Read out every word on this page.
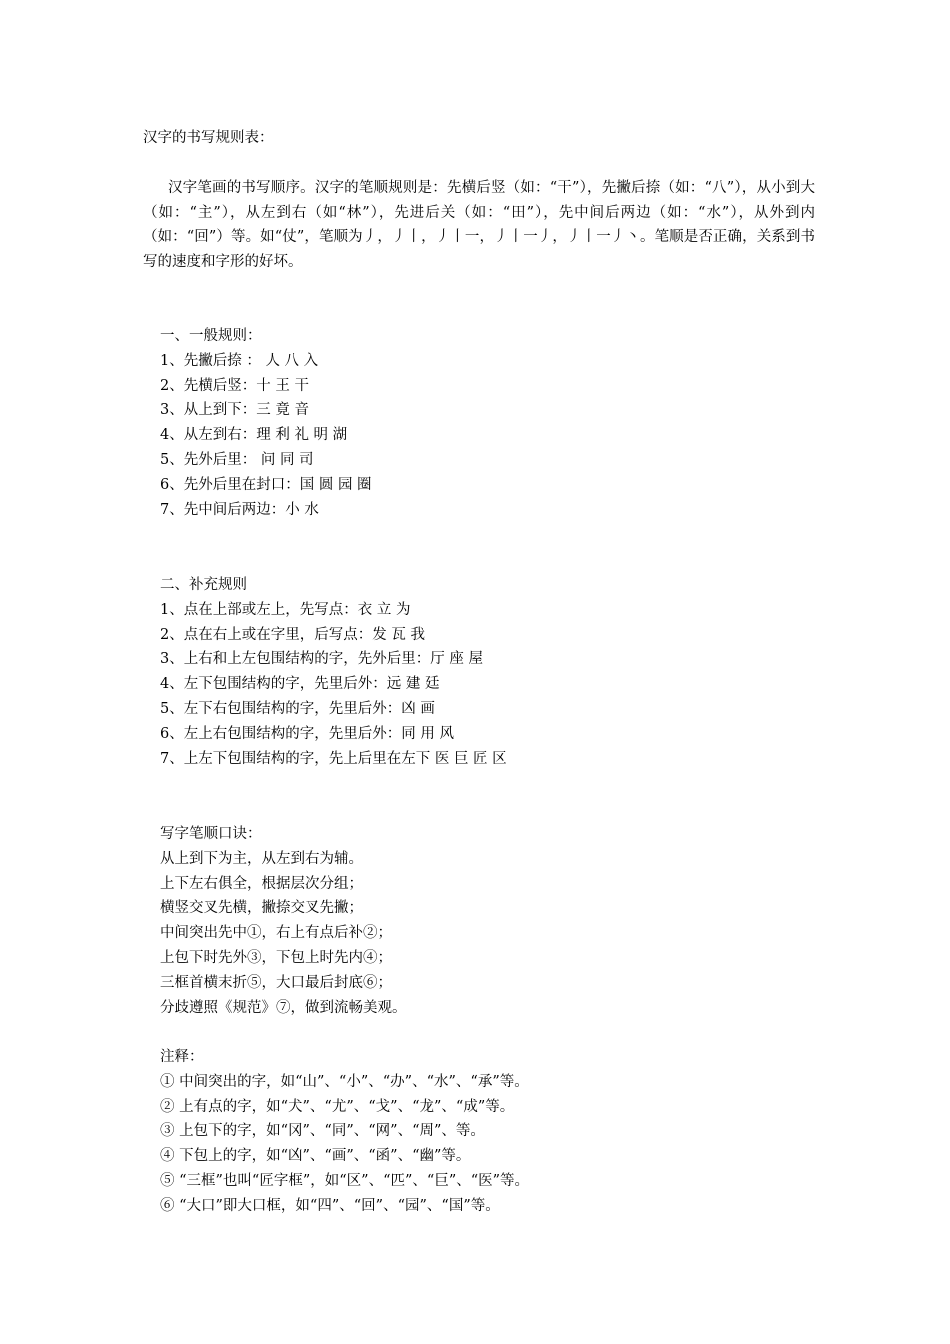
汉字的书写规则表：
汉字笔画的书写顺序。汉字的笔顺规则是：先横后竖（如：“干”），先撇后捺（如：“八”），从小到大（如：“主”），从左到右（如“林”），先进后关（如：“田”），先中间后两边（如：“水”），从外到内（如：“回”）等。如“仗”，笔顺为丿，丿丨，丿丨一，丿丨一丿，丿丨一丿丶。笔顺是否正确，关系到书写的速度和字形的好坏。
一、一般规则：
1、先撇后捺 ： 人 八 入
2、先横后竖：十 王 干
3、从上到下：三 竟 音
4、从左到右：理 利 礼 明 湖
5、先外后里： 问 同 司
6、先外后里在封口：国 圆 园 圈
7、先中间后两边：小 水
二、补充规则
1、点在上部或左上，先写点：衣 立 为
2、点在右上或在字里，后写点：发 瓦 我
3、上右和上左包围结构的字，先外后里：厅 座 屋
4、左下包围结构的字，先里后外：远 建 廷
5、左下右包围结构的字，先里后外：凶 画
6、左上右包围结构的字，先里后外：同 用 风
7、上左下包围结构的字，先上后里在左下 医 巨 匠 区
写字笔顺口诀：
从上到下为主，从左到右为辅。
上下左右俱全，根据层次分组；
横竖交叉先横，撇捺交叉先撇；
中间突出先中①，右上有点后补②；
上包下时先外③，下包上时先内④；
三框首横末折⑤，大口最后封底⑥；
分歧遵照《规范》⑦，做到流畅美观。
注释：
① 中间突出的字，如“山”、“小”、“办”、“水”、“承”等。
② 上有点的字，如“犬”、“尤”、“戈”、“龙”、“成”等。
③ 上包下的字，如“冈”、“同”、“网”、“周”、等。
④ 下包上的字，如“凶”、“画”、“函”、“幽”等。
⑤ “三框”也叫“匠字框”，如“区”、“匹”、“巨”、“医”等。
⑥ “大口”即大口框，如“四”、“回”、“园”、“国”等。
